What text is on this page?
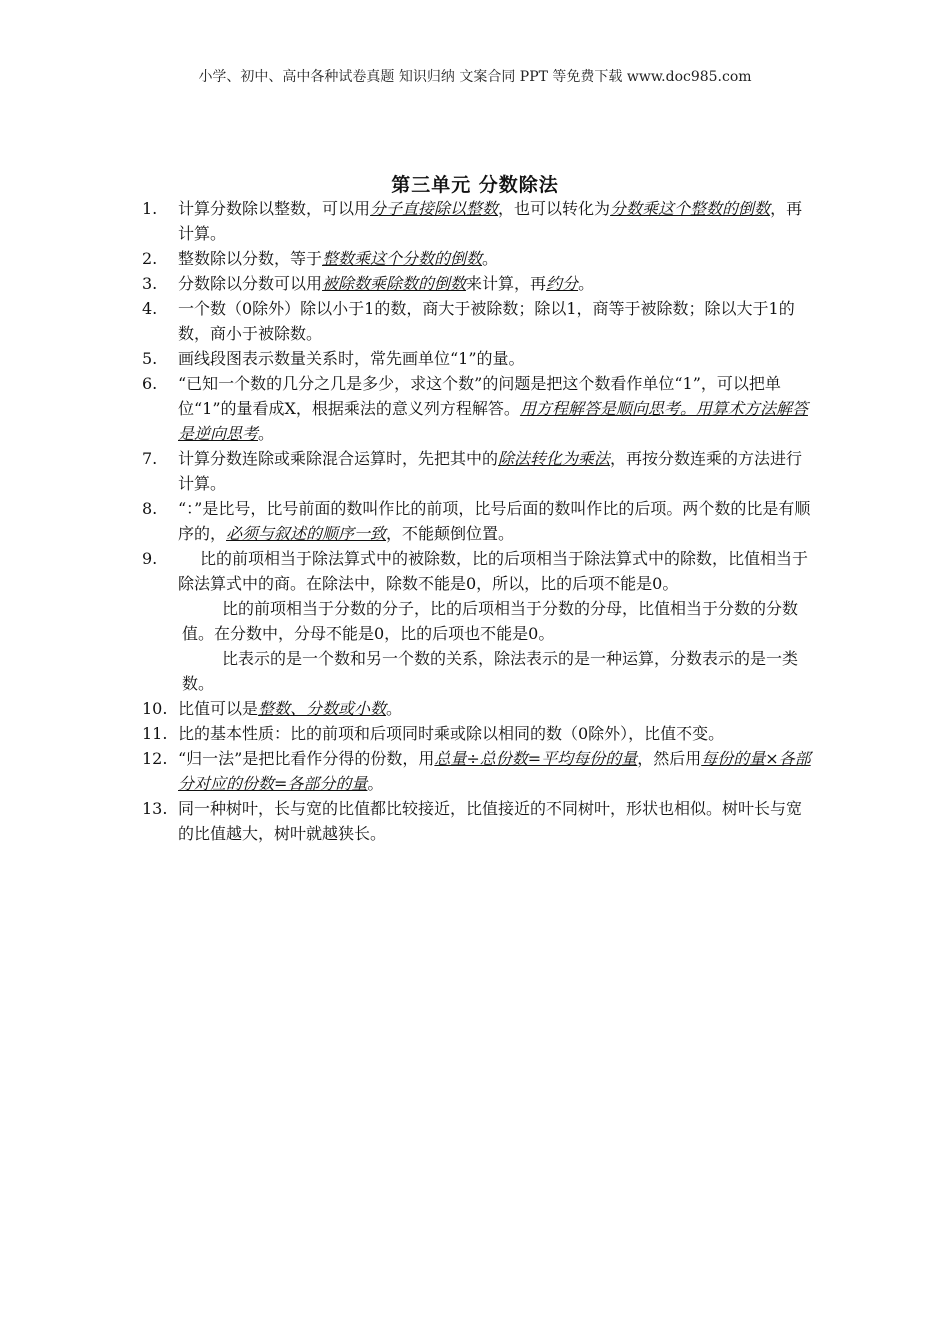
小学、初中、高中各种试卷真题 知识归纳 文案合同 PPT 等免费下载 www.doc985.com
第三单元 分数除法
1.	计算分数除以整数，可以用分子直接除以整数，也可以转化为分数乘这个整数的倒数，再计算。
2.	整数除以分数，等于整数乘这个分数的倒数。
3.	分数除以分数可以用被除数乘除数的倒数来计算，再约分。
4.	一个数（0除外）除以小于1的数，商大于被除数；除以1，商等于被除数；除以大于1的数，商小于被除数。
5.	画线段图表示数量关系时，常先画单位“1”的量。
6.	“已知一个数的几分之几是多少，求这个数”的问题是把这个数看作单位“1”，可以把单位“1”的量看成X，根据乘法的意义列方程解答。用方程解答是顺向思考。用算术方法解答是逆向思考。
7.	计算分数连除或乘除混合运算时，先把其中的除法转化为乘法，再按分数连乘的方法进行计算。
8.	“：”是比号，比号前面的数叫作比的前项，比号后面的数叫作比的后项。两个数的比是有顺序的，必须与叙述的顺序一致，不能颠倒位置。
9.	比的前项相当于除法算式中的被除数，比的后项相当于除法算式中的除数，比值相当于除法算式中的商。在除法中，除数不能是0，所以，比的后项不能是0。
比的前项相当于分数的分子，比的后项相当于分数的分母，比值相当于分数的分数值。在分数中，分母不能是0，比的后项也不能是0。
比表示的是一个数和另一个数的关系，除法表示的是一种运算，分数表示的是一类数。
10. 比值可以是整数、分数或小数。
11. 比的基本性质：比的前项和后项同时乘或除以相同的数（0除外），比值不变。
12. “归一法”是把比看作分得的份数，用总量÷总份数=平均每份的量，然后用每份的量×各部分对应的份数=各部分的量。
13. 同一种树叶，长与宽的比值都比较接近，比值接近的不同树叶，形状也相似。树叶长与宽的比值越大，树叶就越狭长。
